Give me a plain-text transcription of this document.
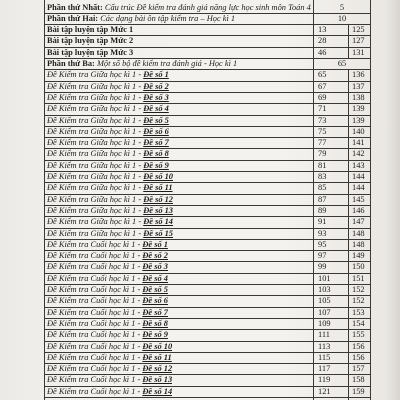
Phần thứ Nhất: Cấu trúc Đề kiểm tra đánh giá năng lực học sinh môn Toán 4	5
Phần thứ Hai: Các dạng bài ôn tập kiểm tra – Học kì 1	10
Bài tập luyện tập Mức 1	13	125
Bài tập luyện tập Mức 2	28	127
Bài tập luyện tập Mức 3	46	131
Phần thứ Ba: Một số bộ đề kiểm tra đánh giá - Học kì 1	65
Đề Kiểm tra Giữa học kì 1 - Đề số 1	65	136
Đề Kiểm tra Giữa học kì 1 - Đề số 2	67	137
Đề Kiểm tra Giữa học kì 1 - Đề số 3	69	138
Đề Kiểm tra Giữa học kì 1 - Đề số 4	71	139
Đề Kiểm tra Giữa học kì 1 - Đề số 5	73	139
Đề Kiểm tra Giữa học kì 1 - Đề số 6	75	140
Đề Kiểm tra Giữa học kì 1 - Đề số 7	77	141
Đề Kiểm tra Giữa học kì 1 - Đề số 8	79	142
Đề Kiểm tra Giữa học kì 1 - Đề số 9	81	143
Đề Kiểm tra Giữa học kì 1 - Đề số 10	83	144
Đề Kiểm tra Giữa học kì 1 - Đề số 11	85	144
Đề Kiểm tra Giữa học kì 1 - Đề số 12	87	145
Đề Kiểm tra Giữa học kì 1 - Đề số 13	89	146
Đề Kiểm tra Giữa học kì 1 - Đề số 14	91	147
Đề Kiểm tra Giữa học kì 1 - Đề số 15	93	148
Đề Kiểm tra Cuối học kì 1 - Đề số 1	95	148
Đề Kiểm tra Cuối học kì 1 - Đề số 2	97	149
Đề Kiểm tra Cuối học kì 1 - Đề số 3	99	150
Đề Kiểm tra Cuối học kì 1 - Đề số 4	101	151
Đề Kiểm tra Cuối học kì 1 - Đề số 5	103	152
Đề Kiểm tra Cuối học kì 1 - Đề số 6	105	152
Đề Kiểm tra Cuối học kì 1 - Đề số 7	107	153
Đề Kiểm tra Cuối học kì 1 - Đề số 8	109	154
Đề Kiểm tra Cuối học kì 1 - Đề số 9	111	155
Đề Kiểm tra Cuối học kì 1 - Đề số 10	113	156
Đề Kiểm tra Cuối học kì 1 - Đề số 11	115	156
Đề Kiểm tra Cuối học kì 1 - Đề số 12	117	157
Đề Kiểm tra Cuối học kì 1 - Đề số 13	119	158
Đề Kiểm tra Cuối học kì 1 - Đề số 14	121	159
